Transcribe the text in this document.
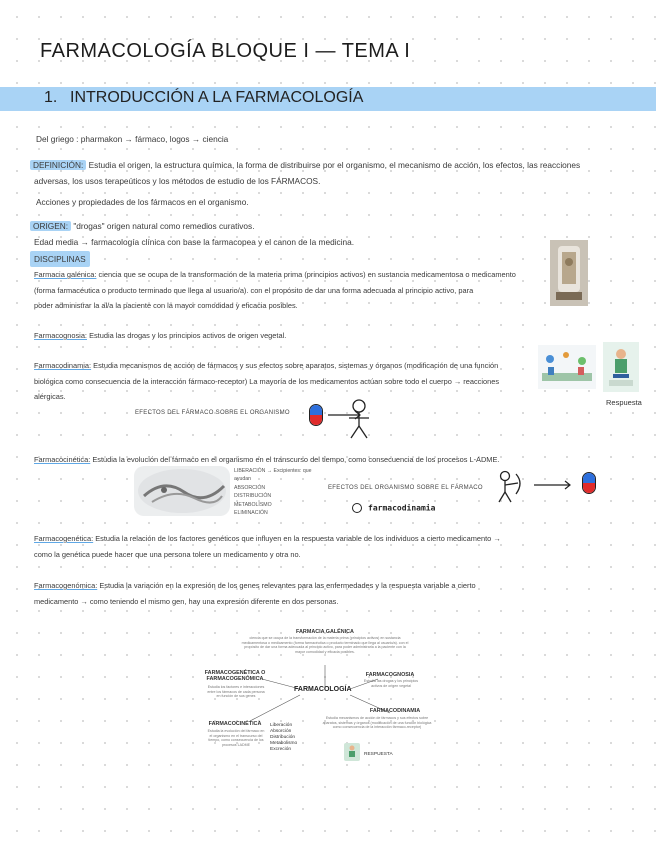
FARMACOLOGÍA BLOQUE I — TEMA I
1. INTRODUCCIÓN A LA FARMACOLOGÍA
Del griego : pharmakon → fármaco, logos → ciencia
DEFINICIÓN: Estudia el origen, la estructura química, la forma de distribuirse por el organismo, el mecanismo de acción, los efectos, las reacciones
adversas, los usos terapeúticos y los métodos de estudio de los FÁRMACOS.
Acciones y propiedades de los fármacos en el organismo.
ORIGEN: "drogas" origen natural como remedios curativos.
Edad media → farmacología clínica con base la farmacopea y el canon de la medicina.
DISCIPLINAS
Farmacia galénica: ciencia que se ocupa de la transformación de la materia prima (principios activos) en sustancia medicamentosa o medicamento
(forma farmacéutica o producto terminado que llega al usuario/a). con el propósito de dar una forma adecuada al principio activo, para
poder administrar la al/a la paciente con la mayor comodidad y eficacia posibles.
Farmacognosia: Estudia las drogas y los principios activos de origen vegetal.
Farmacodinamia: Estudia mecanismos de acción de fármacos y sus efectos sobre aparatos, sistemas y órganos (modificación de una función
biológica como consecuencia de la interacción fármaco-receptor) La mayoría de los medicamentos actúan sobre todo el cuerpo → reacciones
alérgicas.
Respuesta
EFECTOS DEL FÁRMACO SOBRE EL ORGANISMO
Farmacocinética: Estudia la evolución del fármaco en el organismo en el transcurso del tiempo, como consecuencia de los procesos L-ADME.
LIBERACIÓN → Excipientes: que ayudan
ABSORCIÓN
DISTRIBUCIÓN
METABOLISMO
ELIMINACIÓN
EFECTOS DEL ORGANISMO SOBRE EL FÁRMACO
farmacodinamia
Farmacogenética: Estudia la relación de los factores genéticos que influyen en la respuesta variable de los individuos a cierto medicamento →
como la genética puede hacer que una persona tolere un medicamento y otra no.
Farmacogenómica: Estudia la variación en la expresión de los genes relevantes para las enfermedades y la respuesta variable a cierto
medicamento → como teniendo el mismo gen, hay una expresión diferente en dos personas.
FARMACIA GALÉNICA
ciencia que se ocupa de la transformación de la materia prima (principios activos) en sustancia medicamentosa o medicamento (forma farmacéutica o producto terminado que llega al usuario/a). con el propósito de dar una forma adecuada al principio activo, para poder administrarla a la paciente con la mayor comodidad y eficacia posibles.
FARMACOGENÉTICA O FARMACOGENÓMICA
Estudia los factores e interacciones entre los fármacos de cada persona en función de sus genes
FARMACOLOGÍA
FARMACOGNOSIA
Estudia las drogas y los principios activos de origen vegetal
FARMACOCINÉTICA
Estudia la evolución del fármaco en el organismo en el transcurso del tiempo, como consecuencia de los procesos LADME
Liberación
Absorción
Distribución
Metabolismo
Excreción
FARMACODINAMIA
Estudia mecanismos de acción de fármacos y sus efectos sobre aparatos, sistemas y órganos (modificación de una función biológica como consecuencia de la interacción fármaco-receptor)
RESPUESTA
